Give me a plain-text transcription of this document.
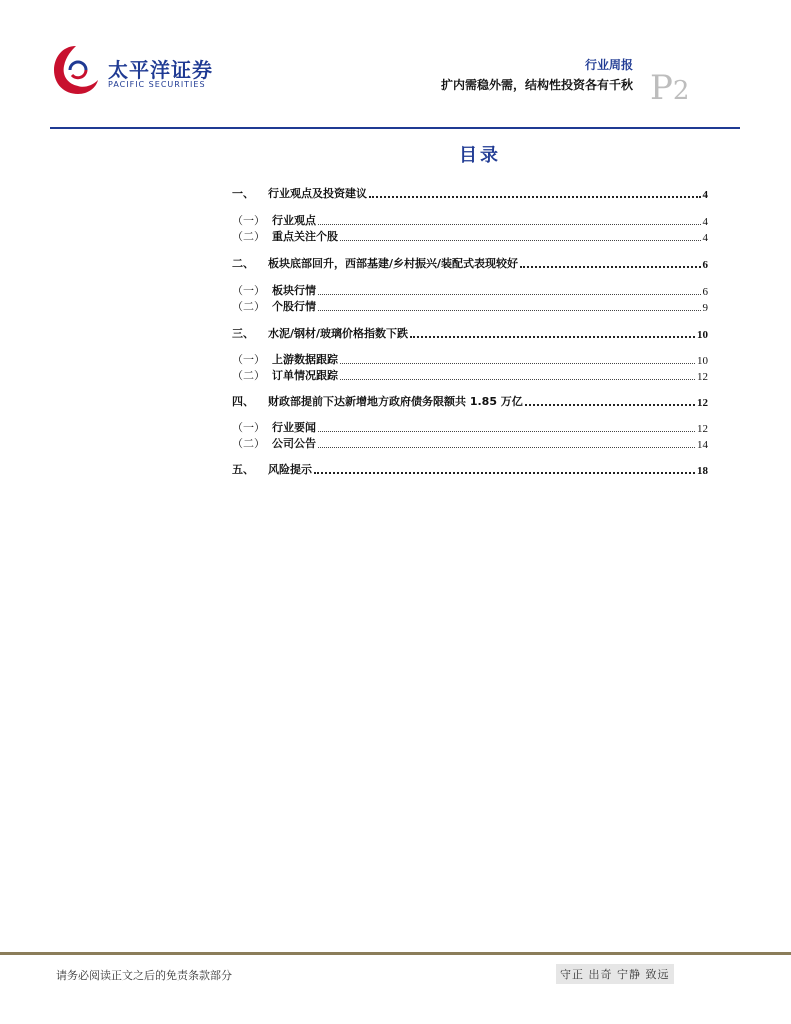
太平洋证券
PACIFIC SECURITIES
行业周报
扩内需稳外需，结构性投资各有千秋 P2
目录
一、	行业观点及投资建议	4
（一） 行业观点	4
（二） 重点关注个股	4
二、	板块底部回升，西部基建/乡村振兴/装配式表现较好	6
（一） 板块行情	6
（二） 个股行情	9
三、	水泥/钢材/玻璃价格指数下跌	10
（一） 上游数据跟踪	10
（二） 订单情况跟踪	12
四、	财政部提前下达新增地方政府债务限额共 1.85 万亿	12
（一） 行业要闻	12
（二） 公司公告	14
五、	风险提示	18
请务必阅读正文之后的免责条款部分	守正 出奇 宁静 致远
